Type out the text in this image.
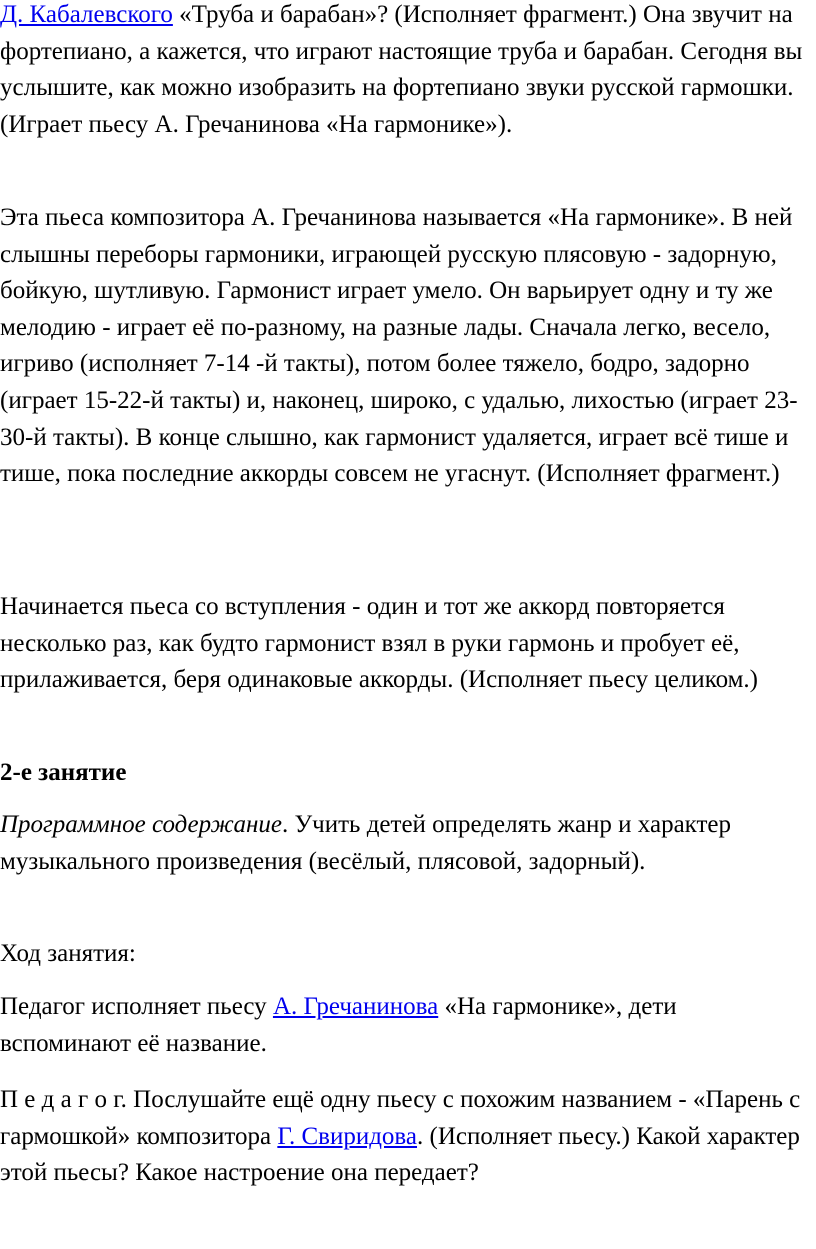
Д. Кабалевского «Труба и барабан»? (Исполняет фрагмент.) Она звучит на фортепиано, а кажется, что играют настоящие труба и барабан. Сегодня вы услышите, как можно изобразить на фортепиано звуки русской гармошки. (Играет пьесу А. Гречанинова «На гармонике»).

Эта пьеса композитора А. Гречанинова называется «На гармонике». В ней слышны переборы гармоники, играющей русскую плясовую - задорную, бойкую, шутливую. Гармонист играет умело. Он варьирует одну и ту же мелодию - играет её по-разному, на разные лады. Сначала легко, весело, игриво (исполняет 7-14 -й такты), потом более тяжело, бодро, задорно (играет 15-22-й такты) и, наконец, широко, с удалью, лихостью (играет 23-30-й такты). В конце слышно, как гармонист удаляется, играет всё тише и тише, пока последние аккорды совсем не угаснут. (Исполняет фрагмент.)

Начинается пьеса со вступления - один и тот же аккорд повторяется несколько раз, как будто гармонист взял в руки гармонь и пробует её, прилаживается, беря одинаковые аккорды. (Исполняет пьесу целиком.)

2-е занятие

Программное содержание. Учить детей определять жанр и характер музыкального произведения (весёлый, плясовой, задорный).

Ход занятия:

Педагог исполняет пьесу А. Гречанинова «На гармонике», дети вспоминают её название.

П е д а г о г. Послушайте ещё одну пьесу с похожим названием - «Парень с гармошкой» композитора Г. Свиридова. (Исполняет пьесу.) Какой характер этой пьесы? Какое настроение она передает?
